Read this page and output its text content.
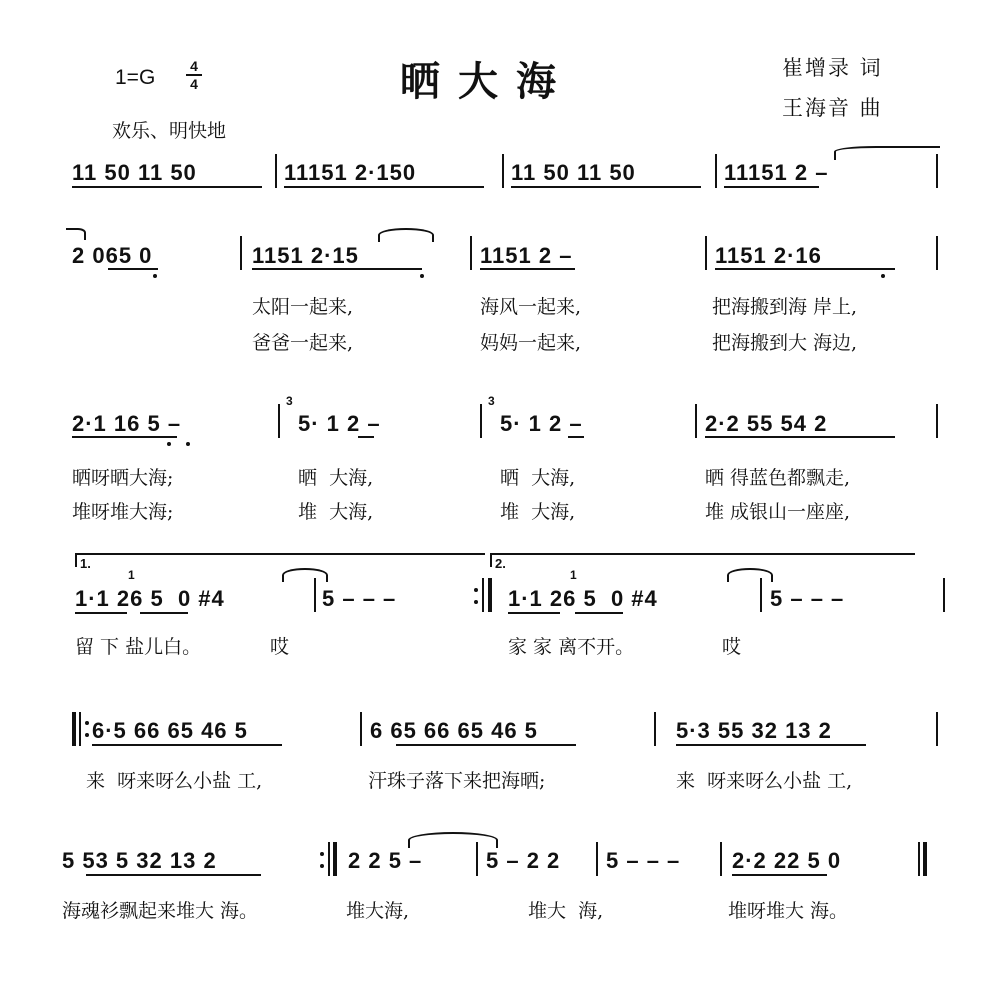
1=G 4
4
欢乐、明快地
晒大海	崔增录 词
王海音 曲
11 50 11 50	11151 2·150	11 50 11 50	11151 2 –
2 065 0	1151 2·15	1151 2 –	1151 2·16
太阳一起来,	海风一起来,	把海搬到海 岸上,
爸爸一起来,	妈妈一起来,	把海搬到大 海边,
2·1 16 5 –
3
5· 1 2 –
3
5· 1 2 –	2·2 55 54 2
晒呀晒大海;	晒  大海,	晒  大海,	晒 得蓝色都飘走,
堆呀堆大海;	堆  大海,	堆  大海,	堆 成银山一座座,
1.	2.
1
1·1 26 5  0 #4	5 – – –
1
1·1 26 5  0 #4	5 – – –
留 下 盐儿白。	哎	家 家 离不开。	哎
6·5 66 65 46 5	6 65 66 65 46 5	5·3 55 32 13 2
来  呀来呀么小盐 工,	汗珠子落下来把海晒;	来  呀来呀么小盐 工,
5 53 5 32 13 2	2 2 5 –	5 – 2 2 5 – – – 2·2 22 5 0
海魂衫飘起来堆大 海。	堆大海,	堆大  海,	堆呀堆大 海。
